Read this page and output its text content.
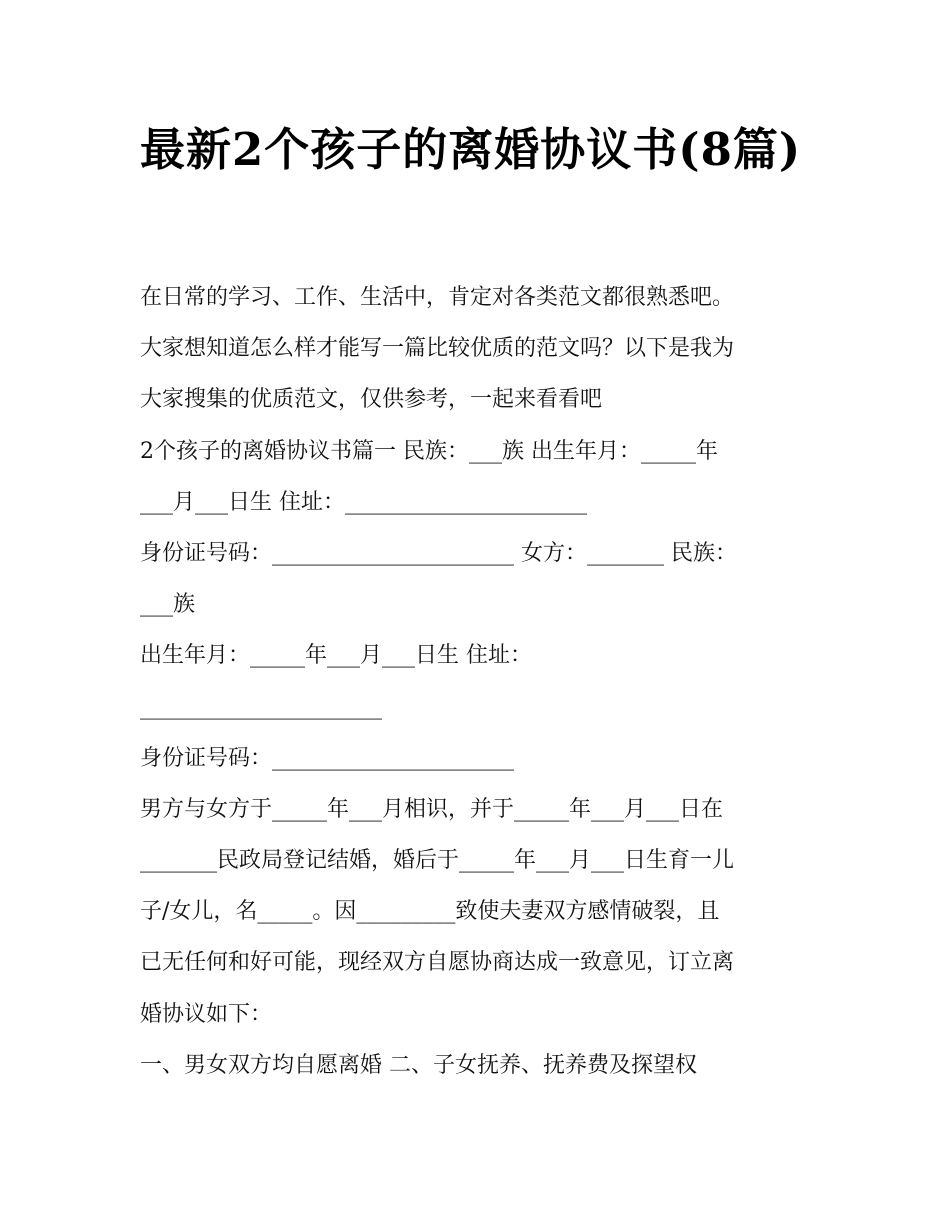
最新2个孩子的离婚协议书(8篇)

在日常的学习、工作、生活中，肯定对各类范文都很熟悉吧。

大家想知道怎么样才能写一篇比较优质的范文吗？以下是我为

大家搜集的优质范文，仅供参考，一起来看看吧

2个孩子的离婚协议书篇一 民族：___族 出生年月：_____年

___月___日生 住址：______________________

身份证号码：______________________ 女方：_______ 民族：

___族

出生年月：_____年___月___日生 住址：

______________________

身份证号码：______________________

男方与女方于_____年___月相识，并于_____年___月___日在

_______民政局登记结婚，婚后于_____年___月___日生育一儿

子/女儿，名_____。因_________致使夫妻双方感情破裂，且

已无任何和好可能，现经双方自愿协商达成一致意见，订立离

婚协议如下：

一、男女双方均自愿离婚 二、子女抚养、抚养费及探望权
